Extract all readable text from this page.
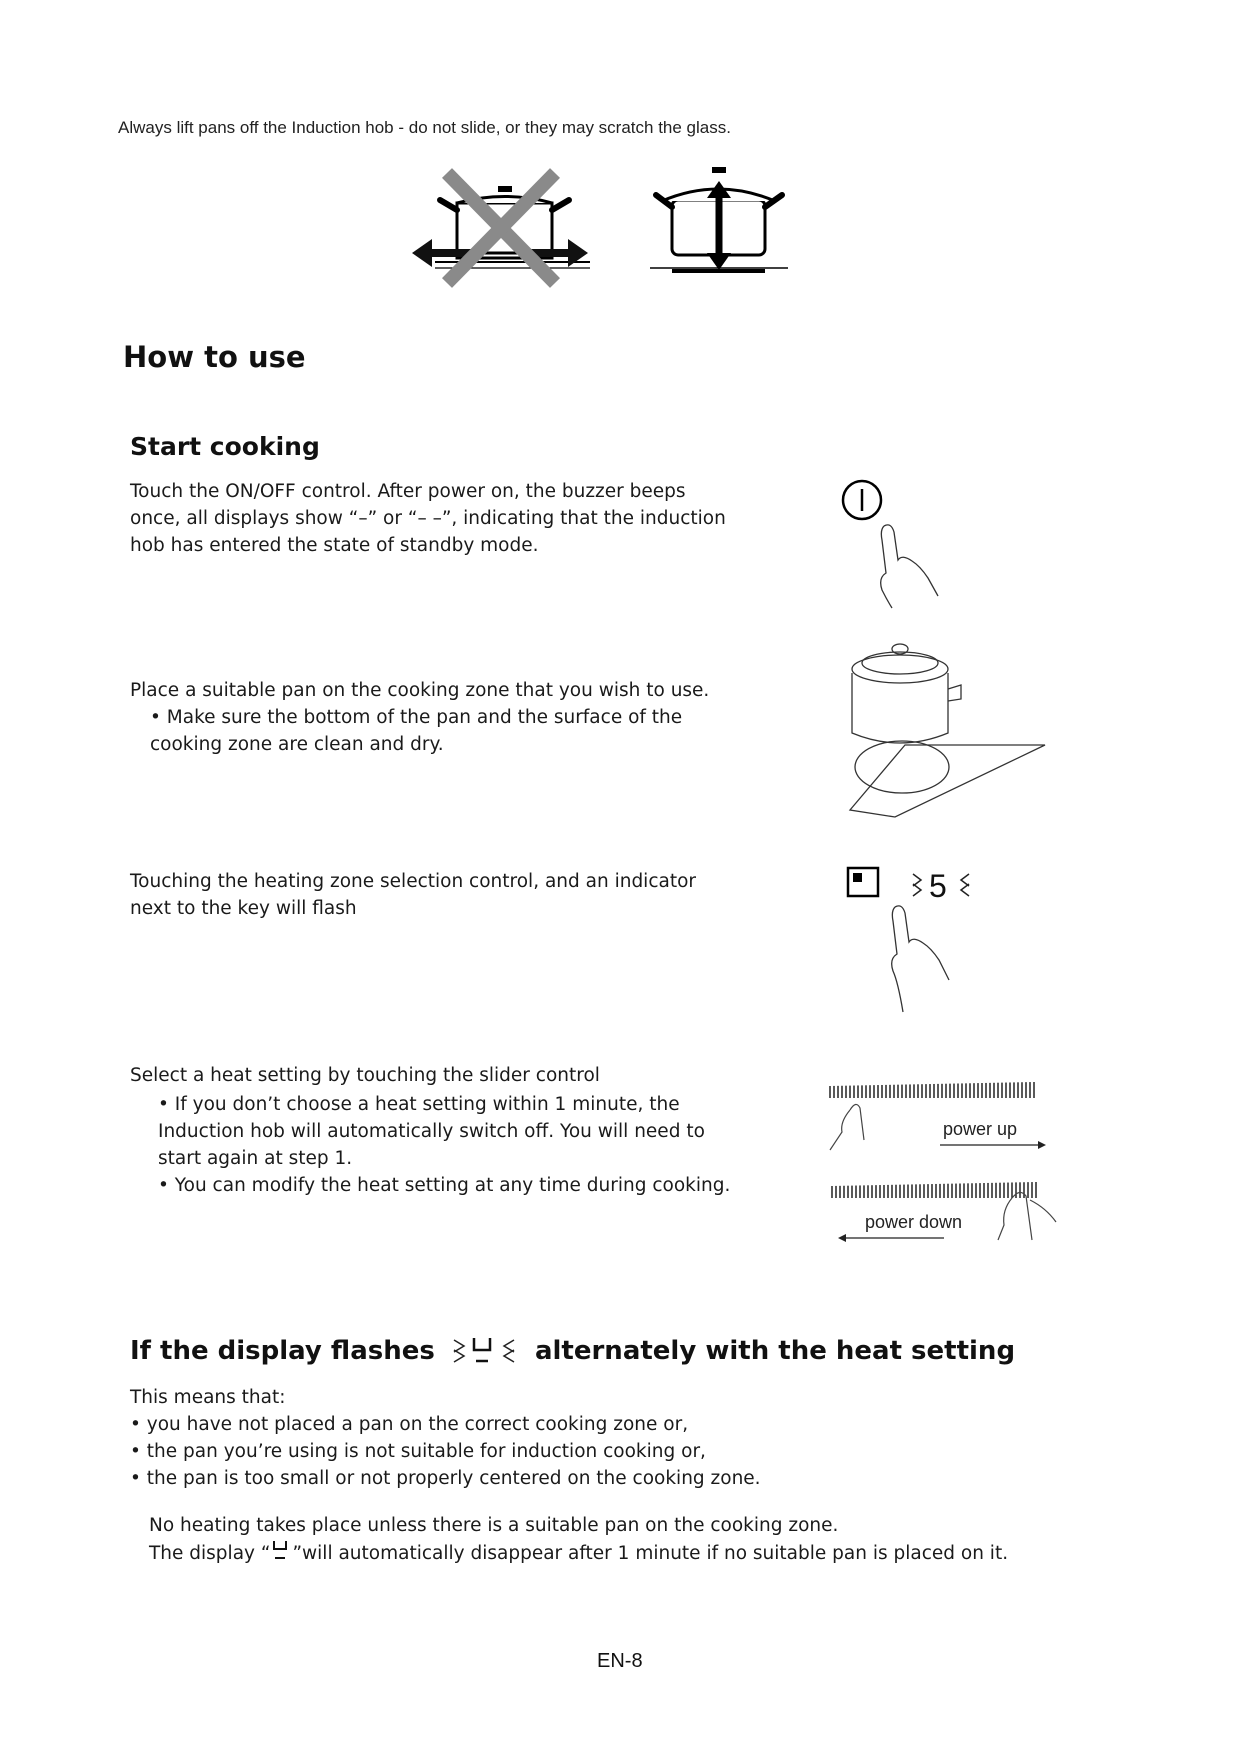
Always lift pans off the Induction hob - do not slide, or they may scratch the glass.
How to use
Start cooking

Touch the ON/OFF control. After power on, the buzzer beeps once, all displays show “–” or “– –”, indicating that the induction hob has entered the state of standby mode.

Place a suitable pan on the cooking zone that you wish to use.

• Make sure the bottom of the pan and the surface of the cooking zone are clean and dry.

Touching the heating zone selection control, and an indicator next to the key will flash

5

Select a heat setting by touching the slider control

• If you don’t choose a heat setting within 1 minute, the Induction hob will automatically switch off. You will need to start again at step 1.

• You can modify the heat setting at any time during cooking.

power up
power down
If the display flashes	alternately with the heat setting

This means that:

• you have not placed a pan on the correct cooking zone or,

• the pan you’re using is not suitable for induction cooking or,

• the pan is too small or not properly centered on the cooking zone.

No heating takes place unless there is a suitable pan on the cooking zone.

The display “ ”will automatically disappear after 1 minute if no suitable pan is placed on it.

EN-8
